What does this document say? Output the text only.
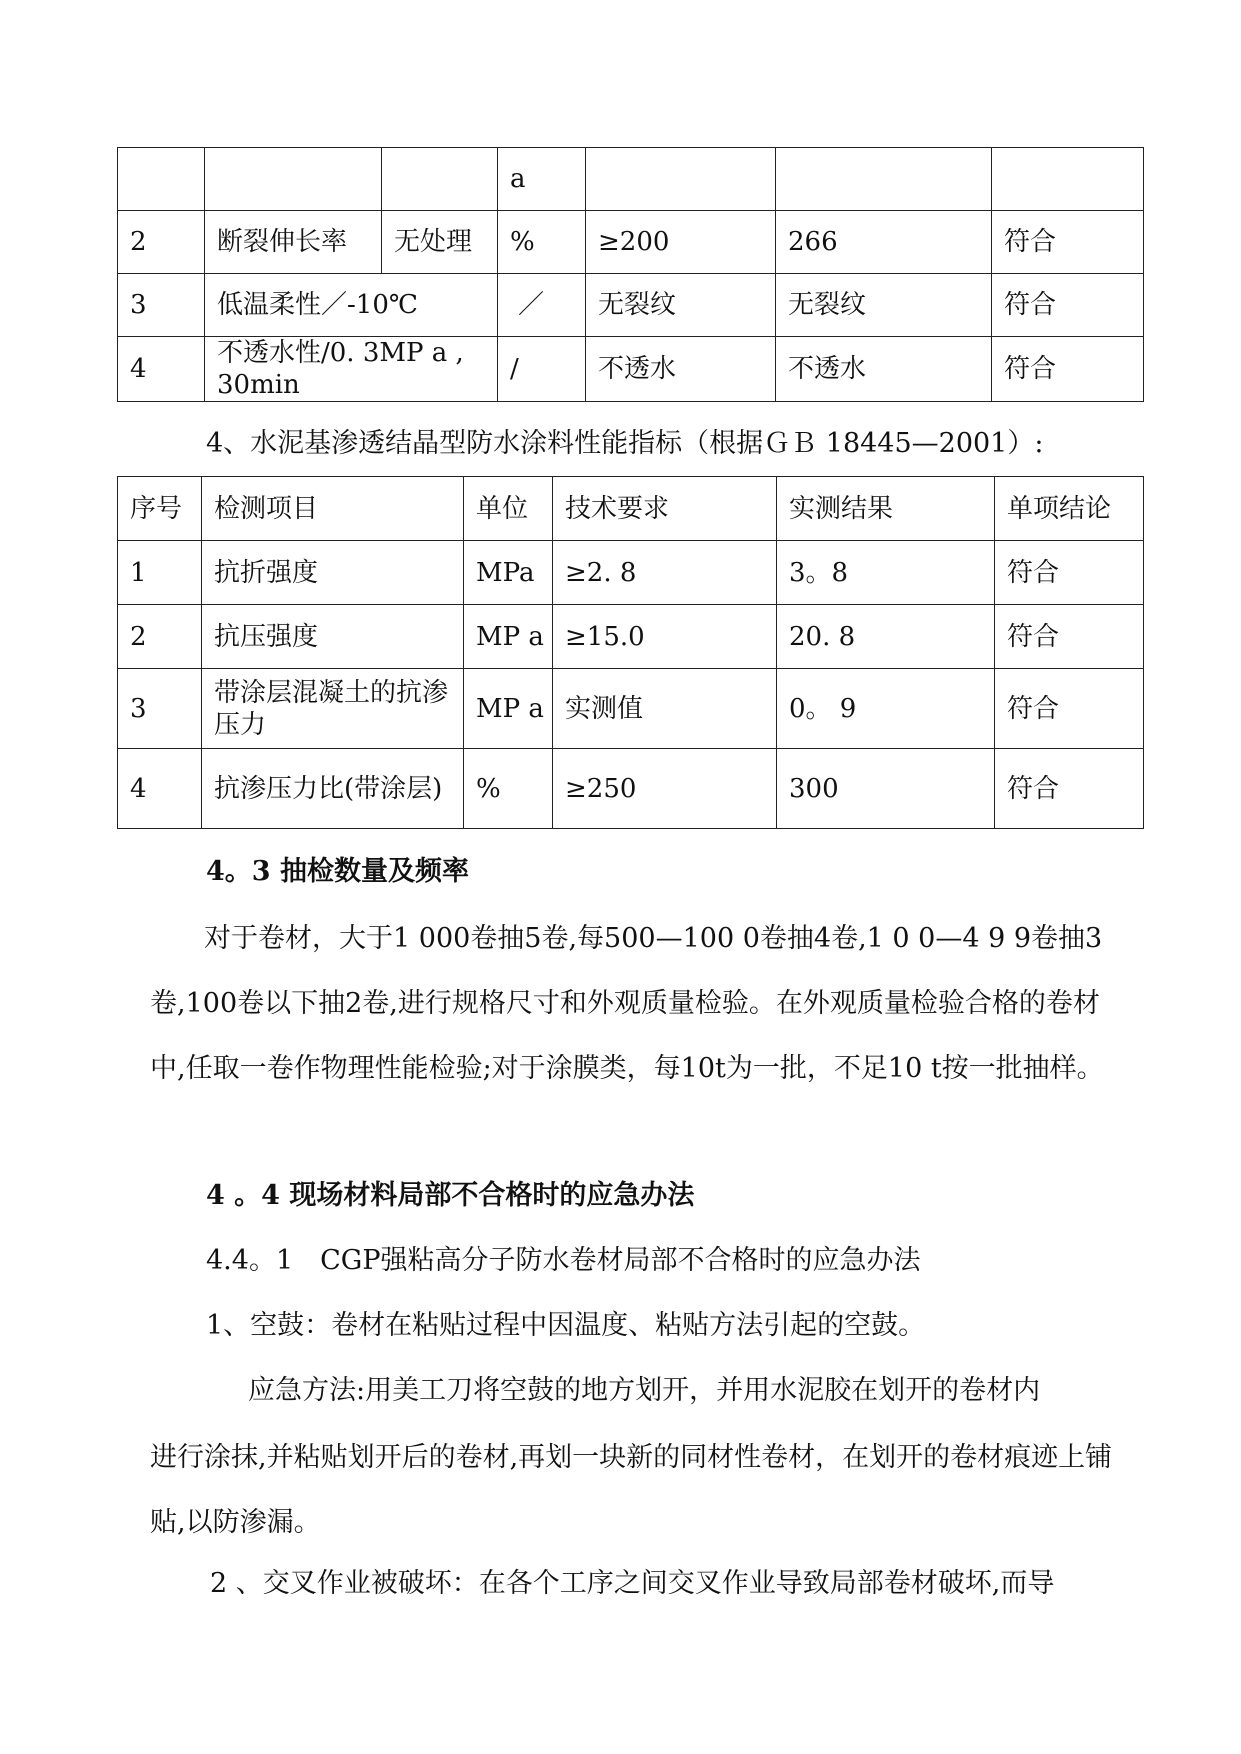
			a			
2	断裂伸长率	无处理	%	≥200	266	符合
3	低温柔性／-10℃		／	无裂纹	无裂纹	符合
4	不透水性/0. 3MP a , 30min		/	不透水	不透水	符合

4、水泥基渗透结晶型防水涂料性能指标（根据ＧＢ 18445—2001）:

序号	检测项目	单位	技术要求	实测结果	单项结论
1	抗折强度	MPa	≥2. 8	3。8	符合
2	抗压强度	MP a	≥15.0	20. 8	符合
3	带涂层混凝土的抗渗压力	MP a	实测值	0。 9	符合
4	抗渗压力比(带涂层)	%	≥250	300	符合

4。3 抽检数量及频率

对于卷材，大于1 000卷抽5卷,每500—100 0卷抽4卷,1 0 0—4 9 9卷抽3卷,100卷以下抽2卷,进行规格尺寸和外观质量检验。在外观质量检验合格的卷材中,任取一卷作物理性能检验;对于涂膜类，每10t为一批，不足10 t按一批抽样。

4 。4 现场材料局部不合格时的应急办法

4.4。1　CGP强粘高分子防水卷材局部不合格时的应急办法

1、空鼓：卷材在粘贴过程中因温度、粘贴方法引起的空鼓。

应急方法:用美工刀将空鼓的地方划开，并用水泥胶在划开的卷材内

进行涂抹,并粘贴划开后的卷材,再划一块新的同材性卷材，在划开的卷材痕迹上铺贴,以防渗漏。

2 、交叉作业被破坏：在各个工序之间交叉作业导致局部卷材破坏,而导
